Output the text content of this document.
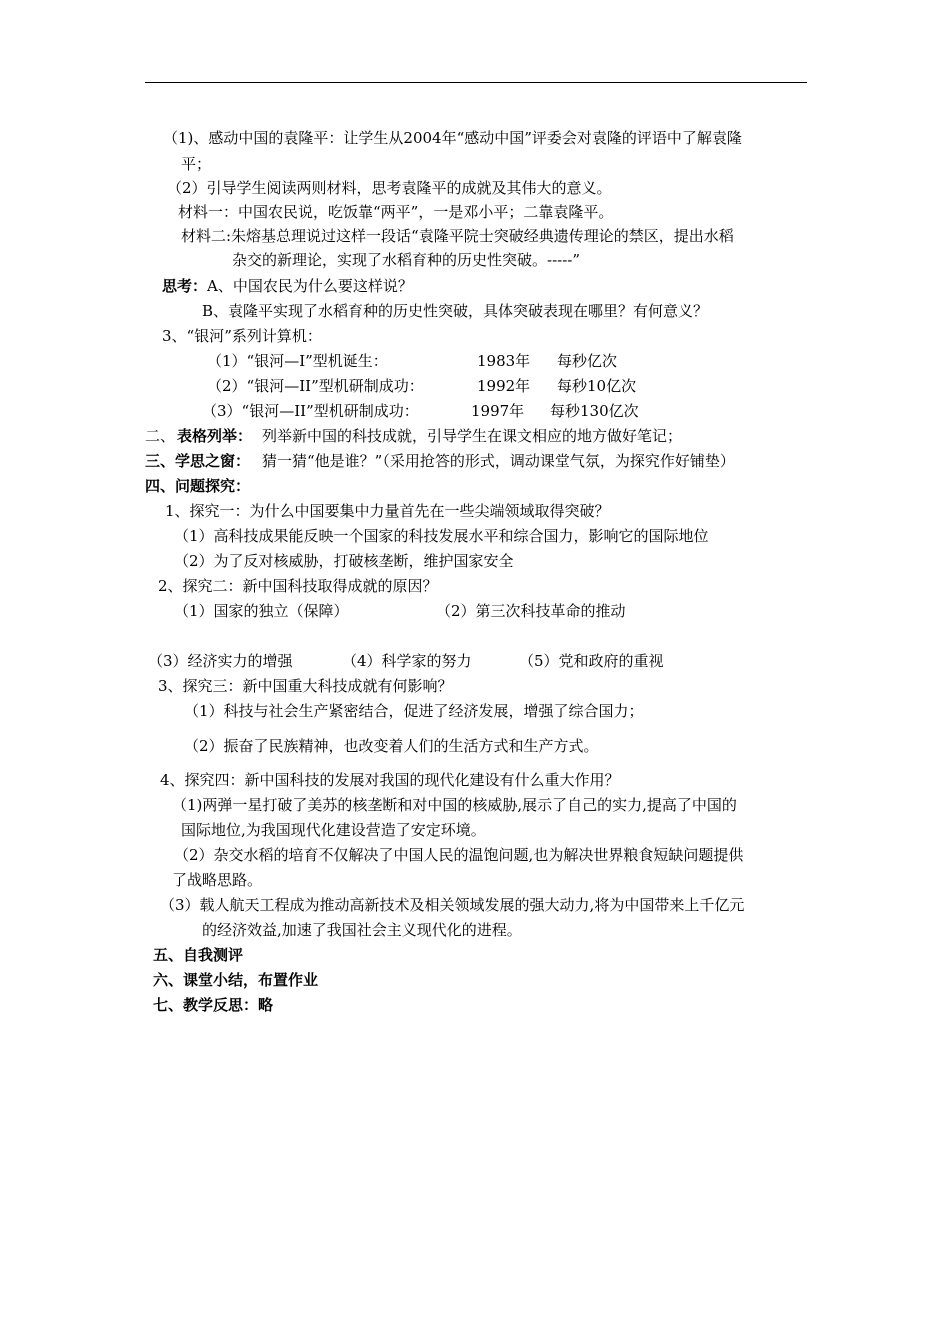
（1)、感动中国的袁隆平：让学生从2004年“感动中国”评委会对袁隆的评语中了解袁隆
平；
（2）引导学生阅读两则材料，思考袁隆平的成就及其伟大的意义。
材料一：中国农民说，吃饭靠“两平”，一是邓小平；二靠袁隆平。
材料二:朱熔基总理说过这样一段话“袁隆平院士突破经典遗传理论的禁区，提出水稻
杂交的新理论，实现了水稻育种的历史性突破。-----”
思考： A、中国农民为什么要这样说？
B、袁隆平实现了水稻育种的历史性突破，具体突破表现在哪里？有何意义？
3、“银河”系列计算机：
（1）“银河—I”型机诞生：	1983年 每秒亿次
（2）“银河—II”型机研制成功：	1992年 每秒10亿次
（3）“银河—II”型机研制成功：	1997年 每秒130亿次
二、 表格列举： 列举新中国的科技成就，引导学生在课文相应的地方做好笔记；
三、学思之窗： 猜一猜“他是谁？”（采用抢答的形式，调动课堂气氛，为探究作好铺垫）
四、问题探究：
1、探究一：为什么中国要集中力量首先在一些尖端领域取得突破？
（1）高科技成果能反映一个国家的科技发展水平和综合国力，影响它的国际地位
（2）为了反对核威胁，打破核垄断，维护国家安全
2、探究二：新中国科技取得成就的原因？
（1）国家的独立（保障）	（2）第三次科技革命的推动
（3）经济实力的增强	（4）科学家的努力	（5）党和政府的重视
3、探究三：新中国重大科技成就有何影响？
（1）科技与社会生产紧密结合，促进了经济发展，增强了综合国力；
（2）振奋了民族精神，也改变着人们的生活方式和生产方式。
4、探究四：新中国科技的发展对我国的现代化建设有什么重大作用？
（1)两弹一星打破了美苏的核垄断和对中国的核威胁,展示了自己的实力,提高了中国的
国际地位,为我国现代化建设营造了安定环境。
（2）杂交水稻的培育不仅解决了中国人民的温饱问题,也为解决世界粮食短缺问题提供
了战略思路。
（3）载人航天工程成为推动高新技术及相关领域发展的强大动力,将为中国带来上千亿元
的经济效益,加速了我国社会主义现代化的进程。
五、自我测评
六、课堂小结，布置作业
七、教学反思：略
